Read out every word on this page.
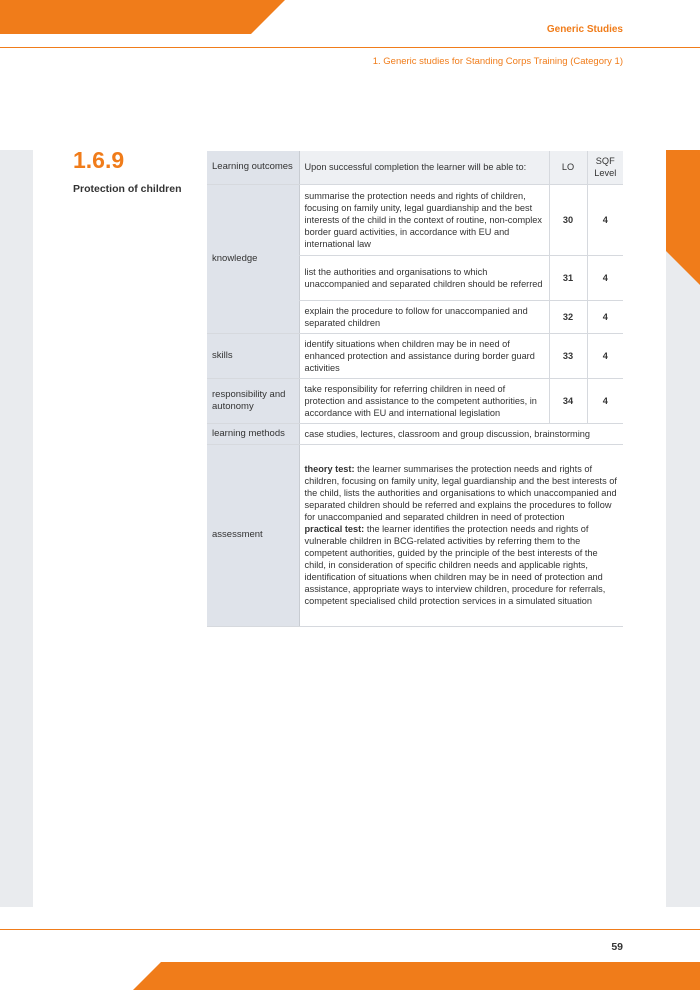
Generic Studies
1. Generic studies for Standing Corps Training (Category 1)
1.6.9
Protection of children
Learning outcomes	Upon successful completion the learner will be able to:	LO	SQF Level
knowledge	summarise the protection needs and rights of children, focusing on family unity, legal guardianship and the best interests of the child in the context of routine, non-complex border guard activities, in accordance with EU and international law	30	4
	list the authorities and organisations to which unaccompanied and separated children should be referred	31	4
	explain the procedure to follow for unaccompanied and separated children	32	4
skills	identify situations when children may be in need of enhanced protection and assistance during border guard activities	33	4
responsibility and autonomy	take responsibility for referring children in need of protection and assistance to the competent authorities, in accordance with EU and international legislation	34	4
learning methods	case studies, lectures, classroom and group discussion, brainstorming		
assessment	theory test: the learner summarises the protection needs and rights of children, focusing on family unity, legal guardianship and the best interests of the child, lists the authorities and organisations to which unaccompanied and separated children should be referred and explains the procedures to follow for unaccompanied and separated children in need of protection
practical test: the learner identifies the protection needs and rights of vulnerable children in BCG-related activities by referring them to the competent authorities, guided by the principle of the best interests of the child, in consideration of specific children needs and applicable rights, identification of situations when children may be in need of protection and assistance, appropriate ways to interview children, procedure for referrals, competent specialised child protection services in a simulated situation		
59
